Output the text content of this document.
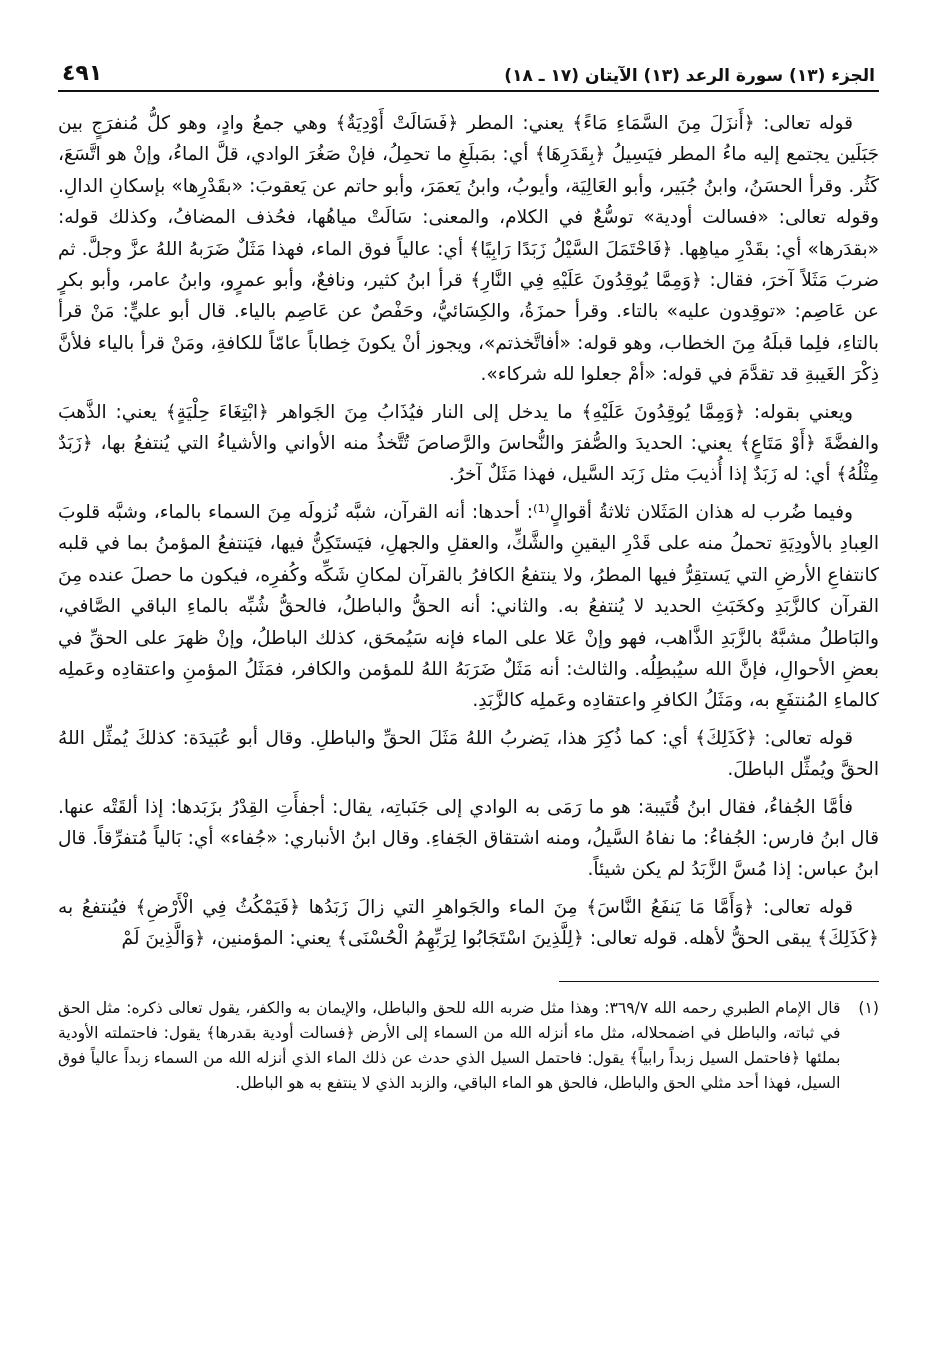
الجزء (١٣) سورة الرعد (١٣) الآيتان (١٧ ـ ١٨)
٤٩١

قوله تعالى: ﴿أَنزَلَ مِنَ السَّمَاءِ مَاءً﴾ يعني: المطر ﴿فَسَالَتْ أَوْدِيَةٌ﴾ وهي جمعُ وادٍ، وهو كلُّ مُنفرَجٍ بين جَبَلَين يجتمع إليه ماءُ المطر فيَسِيلُ ﴿بِقَدَرِهَا﴾ أي: بمَبلَغِ ما تحمِلُ، فإنْ صَغُرَ الوادي، قلَّ الماءُ، وإنْ هو اتَّسَعَ، كَثُر. وقرأ الحسَنُ، وابنُ جُبَير، وأبو العَالِيَة، وأيوبُ، وابنُ يَعمَرَ، وأبو حاتم عن يَعقوبَ: «بقَدْرِها» بإسكانِ الدالِ. وقوله تعالى: «فسالت أودية» توسُّعٌ في الكلام، والمعنى: سَالَتْ مياهُها، فحُذف المضافُ، وكذلك قوله: «بقدَرها» أي: بقَدْرِ مياهِها. ﴿فَاحْتَمَلَ السَّيْلُ زَبَدًا رَابِيًا﴾ أي: عالياً فوق الماء، فهذا مَثَلٌ ضَرَبهُ اللهُ عزَّ وجلَّ. ثم ضربَ مَثَلاً آخرَ، فقال: ﴿وَمِمَّا يُوقِدُونَ عَلَيْهِ فِي النَّارِ﴾ قرأ ابنُ كثير، ونافعٌ، وأبو عمرٍو، وابنُ عامر، وأبو بكرٍ عن عَاصِم: «توقِدون عليه» بالتاء. وقرأ حمزَةُ، والكِسَائيُّ، وحَفْصٌ عن عَاصِم بالياء. قال أبو عليٍّ: مَنْ قرأ بالتاءِ، فلِما قبلَهُ مِنَ الخطاب، وهو قوله: «أفاتَّخذتم»، ويجوز أنْ يكونَ خِطاباً عامّاً للكافةِ، ومَنْ قرأ بالياء فلأنَّ ذِكْرَ الغَيبةِ قد تقدَّمَ في قوله: «أمْ جعلوا لله شركاء».

ويعني بقوله: ﴿وَمِمَّا يُوقِدُونَ عَلَيْهِ﴾ ما يدخل إلى النار فيُذَابُ مِنَ الجَواهر ﴿ابْتِغَاءَ حِلْيَةٍ﴾ يعني: الذَّهبَ والفضَّةَ ﴿أَوْ مَتَاعٍ﴾ يعني: الحديدَ والصُّفرَ والنُّحاسَ والرَّصاصَ تُتَّخذُ منه الأواني والأشياءُ التي يُنتفعُ بها، ﴿زَبَدٌ مِثْلُهُ﴾ أي: له زَبَدٌ إذا أُذيبَ مثل زَبَد السَّيل، فهذا مَثَلٌ آخرُ.

وفيما ضُرب له هذان المَثَلان ثلاثةُ أقوالٍ⁽¹⁾: أحدها: أنه القرآن، شبَّه نُزولَه مِنَ السماء بالماء، وشبَّه قلوبَ العِبادِ بالأودِيَةِ تحملُ منه على قَدْرِ اليقينِ والشَّكِّ، والعقلِ والجهلِ، فيَستَكِنُّ فيها، فيَنتفعُ المؤمنُ بما في قلبه كانتفاعِ الأرضِ التي يَستقِرُّ فيها المطرُ، ولا ينتفعُ الكافرُ بالقرآن لمكانِ شَكِّه وكُفرِه، فيكون ما حصلَ عنده مِنَ القرآن كالزَّبَدِ وكخَبَثِ الحديد لا يُنتفعُ به. والثاني: أنه الحقُّ والباطلُ، فالحقُّ شُبِّه بالماءِ الباقي الصَّافي، والبَاطلُ مشبَّهٌ بالزَّبَدِ الذَّاهب، فهو وإنْ عَلا على الماء فإنه سَيُمحَق، كذلك الباطلُ، وإنْ ظهرَ على الحقِّ في بعضِ الأحوالِ، فإنَّ الله سيُبطِلُه. والثالث: أنه مَثَلٌ ضَرَبَهُ اللهُ للمؤمن والكافر، فمَثَلُ المؤمنِ واعتقادِه وعَملِه كالماءِ المُنتفَعِ به، ومَثَلُ الكافرِ واعتقادِه وعَملِه كالزَّبَدِ.

قوله تعالى: ﴿كَذَلِكَ﴾ أي: كما ذُكِرَ هذا، يَضربُ اللهُ مَثَلَ الحقِّ والباطلِ. وقال أبو عُبَيدَة: كذلكَ يُمثِّل اللهُ الحقَّ ويُمثِّل الباطلَ.

فأمَّا الجُفاءُ، فقال ابنُ قُتَيبة: هو ما رَمَى به الوادي إلى جَنَباتِه، يقال: أجفأَتِ القِدْرُ بزَبَدها: إذا ألقَتْه عنها. قال ابنُ فارس: الجُفاءُ: ما نفاهُ السَّيلُ، ومنه اشتقاق الجَفاءِ. وقال ابنُ الأنباري: «جُفاء» أي: بَالياً مُتفرِّقاً. قال ابنُ عباس: إذا مُسَّ الزَّبَدُ لم يكن شيئاً.

قوله تعالى: ﴿وَأَمَّا مَا يَنفَعُ النَّاسَ﴾ مِنَ الماء والجَواهرِ التي زالَ زَبَدُها ﴿فَيَمْكُثُ فِي الْأَرْضِ﴾ فيُنتفعُ به ﴿كَذَلِكَ﴾ يبقى الحقُّ لأهله. قوله تعالى: ﴿لِلَّذِينَ اسْتَجَابُوا لِرَبِّهِمُ الْحُسْنَى﴾ يعني: المؤمنين، ﴿وَالَّذِينَ لَمْ

(١)
قال الإمام الطبري رحمه الله ٣٦٩/٧: وهذا مثل ضربه الله للحق والباطل، والإيمان به والكفر، يقول تعالى ذكره: مثل الحق في ثباته، والباطل في اضمحلاله، مثل ماء أنزله الله من السماء إلى الأرض ﴿فسالت أودية بقدرها﴾ يقول: فاحتملته الأودية بملئها ﴿فاحتمل السيل زبداً رابياً﴾ يقول: فاحتمل السيل الذي حدث عن ذلك الماء الذي أنزله الله من السماء زبداً عالياً فوق السيل، فهذا أحد مثلي الحق والباطل، فالحق هو الماء الباقي، والزبد الذي لا ينتفع به هو الباطل.
